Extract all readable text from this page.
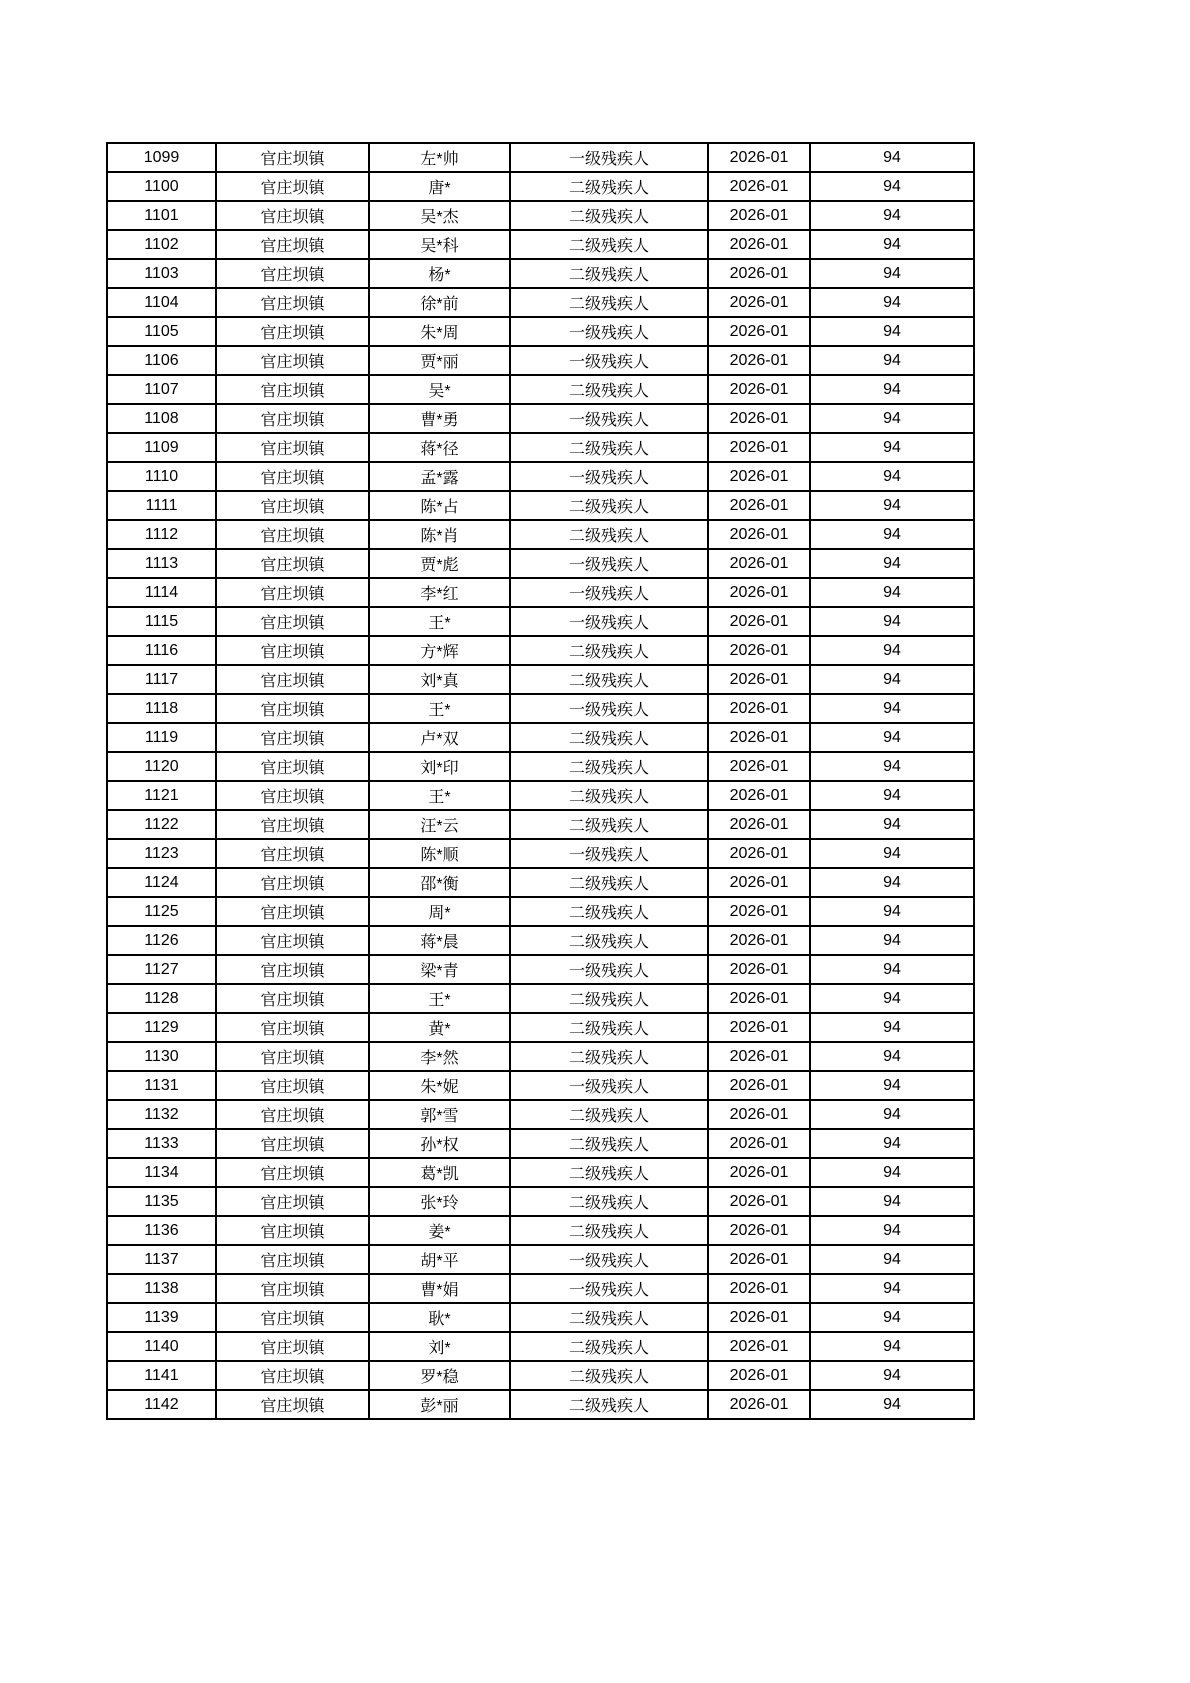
1099	官庄坝镇	左*帅	一级残疾人	2026-01	94
1100	官庄坝镇	唐*	二级残疾人	2026-01	94
1101	官庄坝镇	吴*杰	二级残疾人	2026-01	94
1102	官庄坝镇	吴*科	二级残疾人	2026-01	94
1103	官庄坝镇	杨*	二级残疾人	2026-01	94
1104	官庄坝镇	徐*前	二级残疾人	2026-01	94
1105	官庄坝镇	朱*周	一级残疾人	2026-01	94
1106	官庄坝镇	贾*丽	一级残疾人	2026-01	94
1107	官庄坝镇	吴*	二级残疾人	2026-01	94
1108	官庄坝镇	曹*勇	一级残疾人	2026-01	94
1109	官庄坝镇	蒋*径	二级残疾人	2026-01	94
1110	官庄坝镇	孟*露	一级残疾人	2026-01	94
1111	官庄坝镇	陈*占	二级残疾人	2026-01	94
1112	官庄坝镇	陈*肖	二级残疾人	2026-01	94
1113	官庄坝镇	贾*彪	一级残疾人	2026-01	94
1114	官庄坝镇	李*红	一级残疾人	2026-01	94
1115	官庄坝镇	王*	一级残疾人	2026-01	94
1116	官庄坝镇	方*辉	二级残疾人	2026-01	94
1117	官庄坝镇	刘*真	二级残疾人	2026-01	94
1118	官庄坝镇	王*	一级残疾人	2026-01	94
1119	官庄坝镇	卢*双	二级残疾人	2026-01	94
1120	官庄坝镇	刘*印	二级残疾人	2026-01	94
1121	官庄坝镇	王*	二级残疾人	2026-01	94
1122	官庄坝镇	汪*云	二级残疾人	2026-01	94
1123	官庄坝镇	陈*顺	一级残疾人	2026-01	94
1124	官庄坝镇	邵*衡	二级残疾人	2026-01	94
1125	官庄坝镇	周*	二级残疾人	2026-01	94
1126	官庄坝镇	蒋*晨	二级残疾人	2026-01	94
1127	官庄坝镇	梁*青	一级残疾人	2026-01	94
1128	官庄坝镇	王*	二级残疾人	2026-01	94
1129	官庄坝镇	黄*	二级残疾人	2026-01	94
1130	官庄坝镇	李*然	二级残疾人	2026-01	94
1131	官庄坝镇	朱*妮	一级残疾人	2026-01	94
1132	官庄坝镇	郭*雪	二级残疾人	2026-01	94
1133	官庄坝镇	孙*权	二级残疾人	2026-01	94
1134	官庄坝镇	葛*凯	二级残疾人	2026-01	94
1135	官庄坝镇	张*玲	二级残疾人	2026-01	94
1136	官庄坝镇	姜*	二级残疾人	2026-01	94
1137	官庄坝镇	胡*平	一级残疾人	2026-01	94
1138	官庄坝镇	曹*娟	一级残疾人	2026-01	94
1139	官庄坝镇	耿*	二级残疾人	2026-01	94
1140	官庄坝镇	刘*	二级残疾人	2026-01	94
1141	官庄坝镇	罗*稳	二级残疾人	2026-01	94
1142	官庄坝镇	彭*丽	二级残疾人	2026-01	94
